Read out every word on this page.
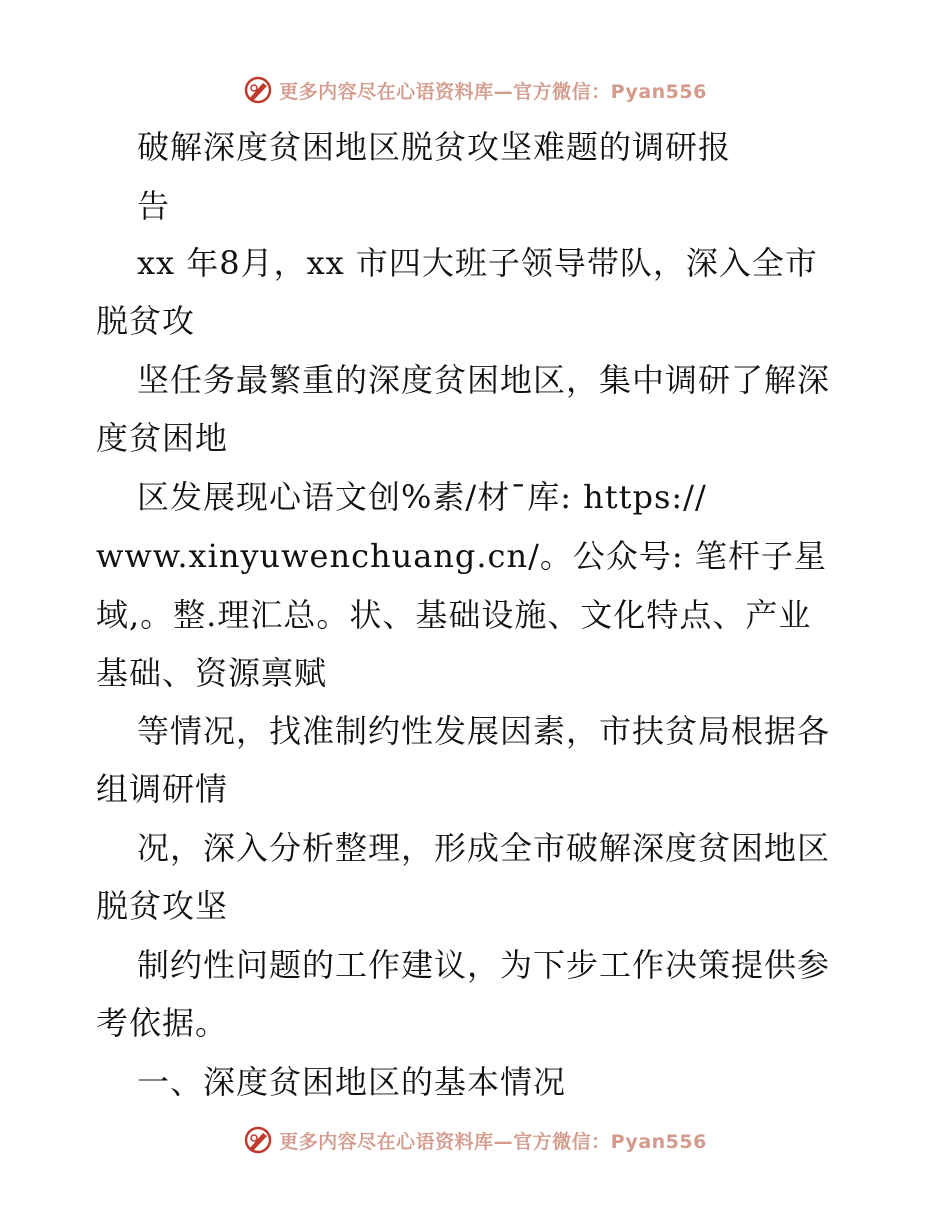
更多内容尽在心语资料库—官方微信：Pyan556
破解深度贫困地区脱贫攻坚难题的调研报
告
xx 年8月，xx 市四大班子领导带队，深入全市
脱贫攻
坚任务最繁重的深度贫困地区，集中调研了解深
度贫困地
区发展现心语文创%素/材¯库: https://
www.xinyuwenchuang.cn/。公众号: 笔杆子星
域,。整.理汇总。状、基础设施、文化特点、产业
基础、资源禀赋
等情况，找准制约性发展因素，市扶贫局根据各
组调研情
况，深入分析整理，形成全市破解深度贫困地区
脱贫攻坚
制约性问题的工作建议，为下步工作决策提供参
考依据。
一、深度贫困地区的基本情况
更多内容尽在心语资料库—官方微信：Pyan556
